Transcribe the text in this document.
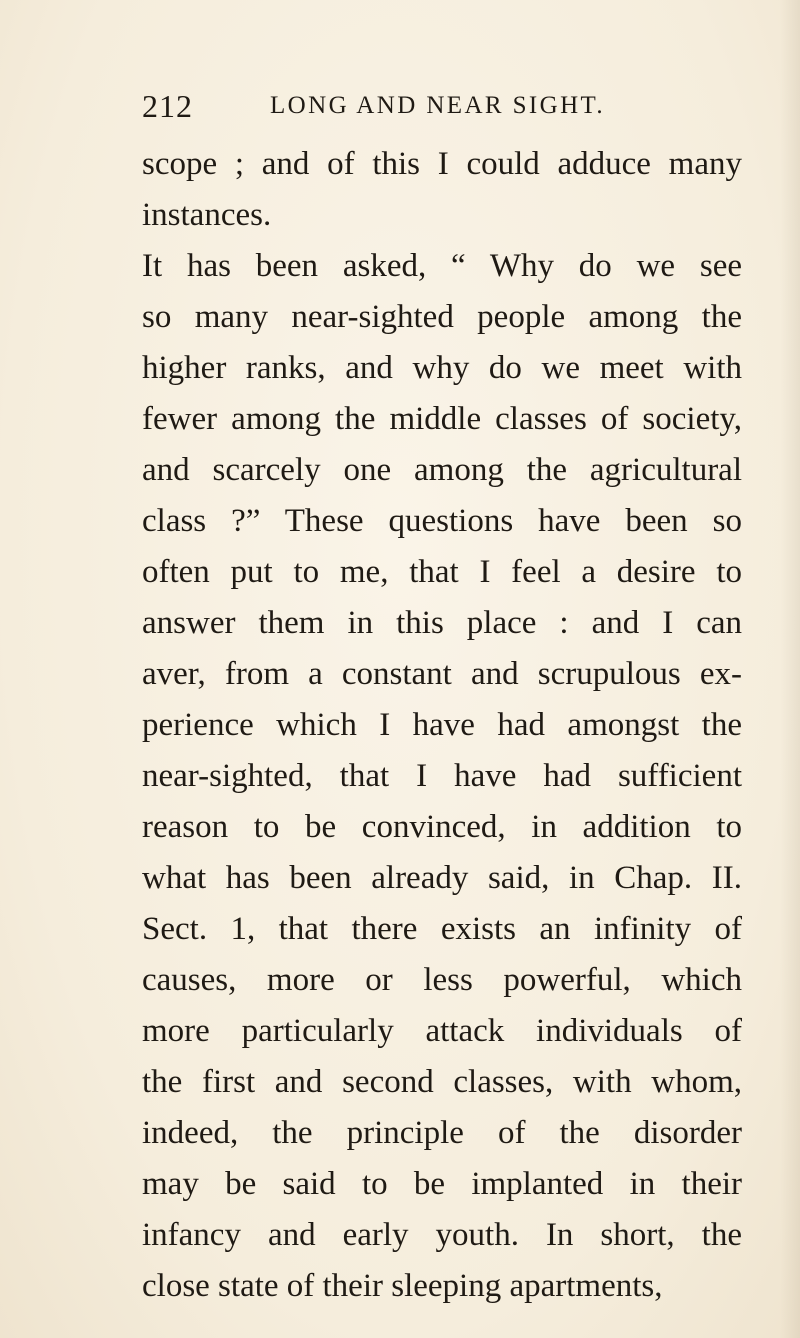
212	LONG AND NEAR SIGHT.
scope ; and of this I could adduce many
instances.
It has been asked, “ Why do we see
so many near-sighted people among the
higher ranks, and why do we meet with
fewer among the middle classes of society,
and scarcely one among the agricultural
class ?” These questions have been so
often put to me, that I feel a desire to
answer them in this place : and I can
aver, from a constant and scrupulous ex-
perience which I have had amongst the
near-sighted, that I have had sufficient
reason to be convinced, in addition to
what has been already said, in Chap. II.
Sect. 1, that there exists an infinity of
causes, more or less powerful, which
more particularly attack individuals of
the first and second classes, with whom,
indeed, the principle of the disorder
may be said to be implanted in their
infancy and early youth. In short, the
close state of their sleeping apartments,
